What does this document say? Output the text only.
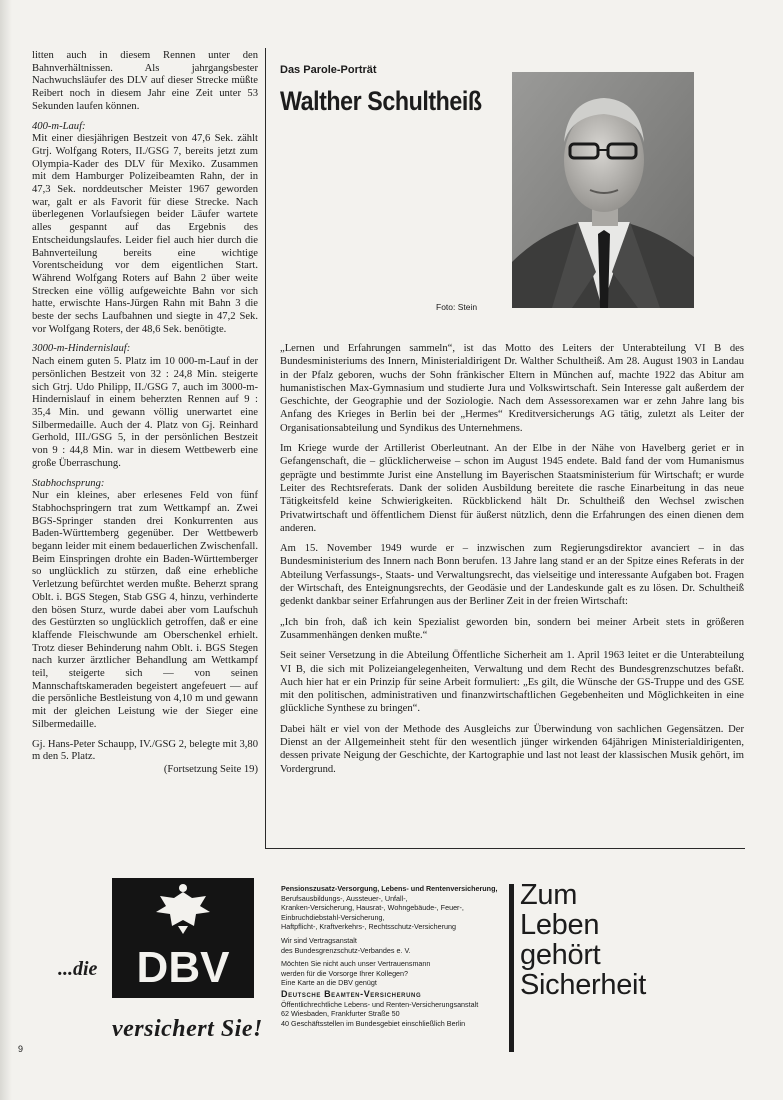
litten auch in diesem Rennen unter den Bahnverhältnissen. Als jahrgangsbester Nachwuchsläufer des DLV auf dieser Strecke müßte Reibert noch in diesem Jahr eine Zeit unter 53 Sekunden laufen können.

400-m-Lauf:

Mit einer diesjährigen Bestzeit von 47,6 Sek. zählt Gtrj. Wolfgang Roters, II./GSG 7, bereits jetzt zum Olympia-Kader des DLV für Mexiko. Zusammen mit dem Hamburger Polizeibeamten Rahn, der in 47,3 Sek. norddeutscher Meister 1967 geworden war, galt er als Favorit für diese Strecke. Nach überlegenen Vorlaufsiegen beider Läufer wartete alles gespannt auf das Ergebnis des Entscheidungslaufes. Leider fiel auch hier durch die Bahnverteilung bereits eine wichtige Vorentscheidung vor dem eigentlichen Start. Während Wolfgang Roters auf Bahn 2 über weite Strecken eine völlig aufgeweichte Bahn vor sich hatte, erwischte Hans-Jürgen Rahn mit Bahn 3 die beste der sechs Laufbahnen und siegte in 47,2 Sek. vor Wolfgang Roters, der 48,6 Sek. benötigte.

3000-m-Hindernislauf:

Nach einem guten 5. Platz im 10 000-m-Lauf in der persönlichen Bestzeit von 32 : 24,8 Min. steigerte sich Gtrj. Udo Philipp, II./GSG 7, auch im 3000-m-Hindernislauf in einem beherzten Rennen auf 9 : 35,4 Min. und gewann völlig unerwartet eine Silbermedaille. Auch der 4. Platz von Gj. Reinhard Gerhold, III./GSG 5, in der persönlichen Bestzeit von 9 : 44,8 Min. war in diesem Wettbewerb eine große Überraschung.

Stabhochsprung:

Nur ein kleines, aber erlesenes Feld von fünf Stabhochspringern trat zum Wettkampf an. Zwei BGS-Springer standen drei Konkurrenten aus Baden-Württemberg gegenüber. Der Wettbewerb begann leider mit einem bedauerlichen Zwischenfall. Beim Einspringen drohte ein Baden-Württemberger so unglücklich zu stürzen, daß eine erhebliche Verletzung befürchtet werden mußte. Beherzt sprang Oblt. i. BGS Stegen, Stab GSG 4, hinzu, verhinderte den bösen Sturz, wurde dabei aber vom Laufschuh des Gestürzten so unglücklich getroffen, daß er eine klaffende Fleischwunde am Oberschenkel erhielt. Trotz dieser Behinderung nahm Oblt. i. BGS Stegen nach kurzer ärztlicher Behandlung am Wettkampf teil, steigerte sich — von seinen Mannschaftskameraden begeistert angefeuert — auf die persönliche Bestleistung von 4,10 m und gewann mit der gleichen Leistung wie der Sieger eine Silbermedaille.

Gj. Hans-Peter Schaupp, IV./GSG 2, belegte mit 3,80 m den 5. Platz.

(Fortsetzung Seite 19)

Das Parole-Porträt
Walther Schultheiß
Foto: Stein

„Lernen und Erfahrungen sammeln“, ist das Motto des Leiters der Unterabteilung VI B des Bundesministeriums des Innern, Ministerialdirigent Dr. Walther Schultheiß. Am 28. August 1903 in Landau in der Pfalz geboren, wuchs der Sohn fränkischer Eltern in München auf, machte 1922 das Abitur am humanistischen Max-Gymnasium und studierte Jura und Volkswirtschaft. Sein Interesse galt außerdem der Geschichte, der Geographie und der Soziologie. Nach dem Assessorexamen war er zehn Jahre lang bis Anfang des Krieges in Berlin bei der „Hermes“ Kreditversicherungs AG tätig, zuletzt als Leiter der Organisationsabteilung und Syndikus des Unternehmens.

Im Kriege wurde der Artillerist Oberleutnant. An der Elbe in der Nähe von Havelberg geriet er in Gefangenschaft, die – glücklicherweise – schon im August 1945 endete. Bald fand der vom Humanismus geprägte und bestimmte Jurist eine Anstellung im Bayerischen Staatsministerium für Wirtschaft; er wurde Leiter des Rechtsreferats. Dank der soliden Ausbildung bereitete die rasche Einarbeitung in das neue Tätigkeitsfeld keine Schwierigkeiten. Rückblickend hält Dr. Schultheiß den Wechsel zwischen Privatwirtschaft und öffentlichem Dienst für äußerst nützlich, denn die Erfahrungen des einen dienen dem anderen.

Am 15. November 1949 wurde er – inzwischen zum Regierungsdirektor avanciert – in das Bundesministerium des Innern nach Bonn berufen. 13 Jahre lang stand er an der Spitze eines Referats in der Abteilung Verfassungs-, Staats- und Verwaltungsrecht, das vielseitige und interessante Aufgaben bot. Fragen der Wirtschaft, des Enteignungsrechts, der Geodäsie und der Landeskunde galt es zu lösen. Dr. Schultheiß gedenkt dankbar seiner Erfahrungen aus der Berliner Zeit in der freien Wirtschaft:

„Ich bin froh, daß ich kein Spezialist geworden bin, sondern bei meiner Arbeit stets in größeren Zusammenhängen denken mußte.“

Seit seiner Versetzung in die Abteilung Öffentliche Sicherheit am 1. April 1963 leitet er die Unterabteilung VI B, die sich mit Polizeiangelegenheiten, Verwaltung und dem Recht des Bundesgrenzschutzes befaßt. Auch hier hat er ein Prinzip für seine Arbeit formuliert: „Es gilt, die Wünsche der GS-Truppe und des GSE mit den politischen, administrativen und finanzwirtschaftlichen Gegebenheiten und Möglichkeiten in eine glückliche Synthese zu bringen“.

Dabei hält er viel von der Methode des Ausgleichs zur Überwindung von sachlichen Gegensätzen. Der Dienst an der Allgemeinheit steht für den wesentlich jünger wirkenden 64jährigen Ministerialdirigenten, dessen private Neigung der Geschichte, der Kartographie und last not least der klassischen Musik gehört, im Vordergrund.

DBV
...die
versichert Sie!
Pensionszusatz-Versorgung, Lebens- und Rentenversicherung,
Berufsausbildungs-, Aussteuer-, Unfall-,
Kranken-Versicherung, Hausrat-, Wohngebäude-, Feuer-,
Einbruchdiebstahl-Versicherung,
Haftpflicht-, Kraftverkehrs-, Rechtsschutz-Versicherung
Wir sind Vertragsanstalt
des Bundesgrenzschutz-Verbandes e. V.
Möchten Sie nicht auch unser Vertrauensmann
werden für die Vorsorge Ihrer Kollegen?
Eine Karte an die DBV genügt
Deutsche Beamten-Versicherung
Öffentlichrechtliche Lebens- und Renten-Versicherungsanstalt
62 Wiesbaden, Frankfurter Straße 50
40 Geschäftsstellen im Bundesgebiet einschließlich Berlin
Zum
Leben
gehört
Sicherheit
9
